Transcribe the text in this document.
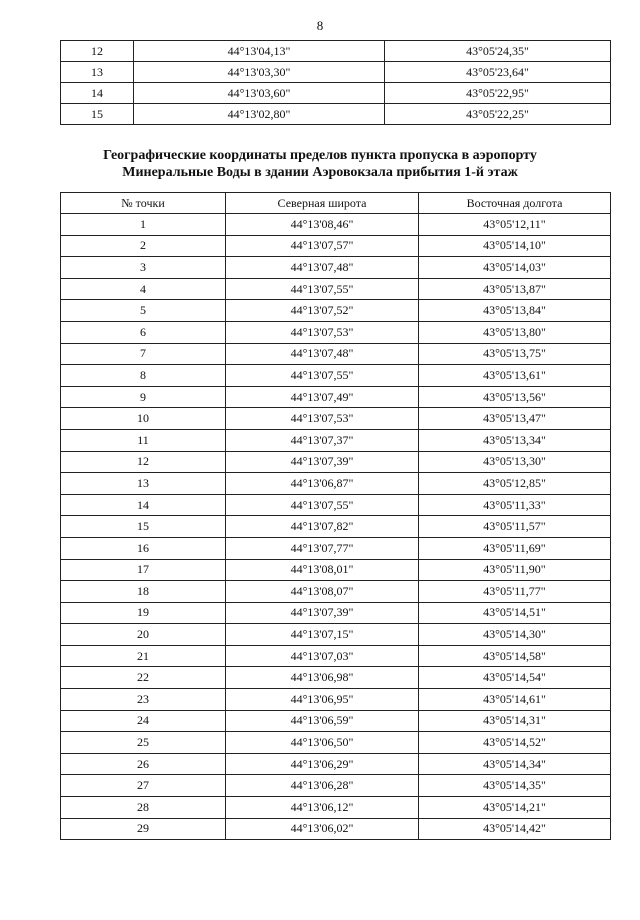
8
12	44°13'04,13"	43°05'24,35"
13	44°13'03,30"	43°05'23,64"
14	44°13'03,60"	43°05'22,95"
15	44°13'02,80"	43°05'22,25"
Географические координаты пределов пункта пропуска в аэропорту
Минеральные Воды в здании Аэровокзала прибытия 1-й этаж
№ точки	Северная широта	Восточная долгота
1	44°13'08,46"	43°05'12,11"
2	44°13'07,57"	43°05'14,10"
3	44°13'07,48"	43°05'14,03"
4	44°13'07,55"	43°05'13,87"
5	44°13'07,52"	43°05'13,84"
6	44°13'07,53"	43°05'13,80"
7	44°13'07,48"	43°05'13,75"
8	44°13'07,55"	43°05'13,61"
9	44°13'07,49"	43°05'13,56"
10	44°13'07,53"	43°05'13,47"
11	44°13'07,37"	43°05'13,34"
12	44°13'07,39"	43°05'13,30"
13	44°13'06,87"	43°05'12,85"
14	44°13'07,55"	43°05'11,33"
15	44°13'07,82"	43°05'11,57"
16	44°13'07,77"	43°05'11,69"
17	44°13'08,01"	43°05'11,90"
18	44°13'08,07"	43°05'11,77"
19	44°13'07,39"	43°05'14,51"
20	44°13'07,15"	43°05'14,30"
21	44°13'07,03"	43°05'14,58"
22	44°13'06,98"	43°05'14,54"
23	44°13'06,95"	43°05'14,61"
24	44°13'06,59"	43°05'14,31"
25	44°13'06,50"	43°05'14,52"
26	44°13'06,29"	43°05'14,34"
27	44°13'06,28"	43°05'14,35"
28	44°13'06,12"	43°05'14,21"
29	44°13'06,02"	43°05'14,42"
